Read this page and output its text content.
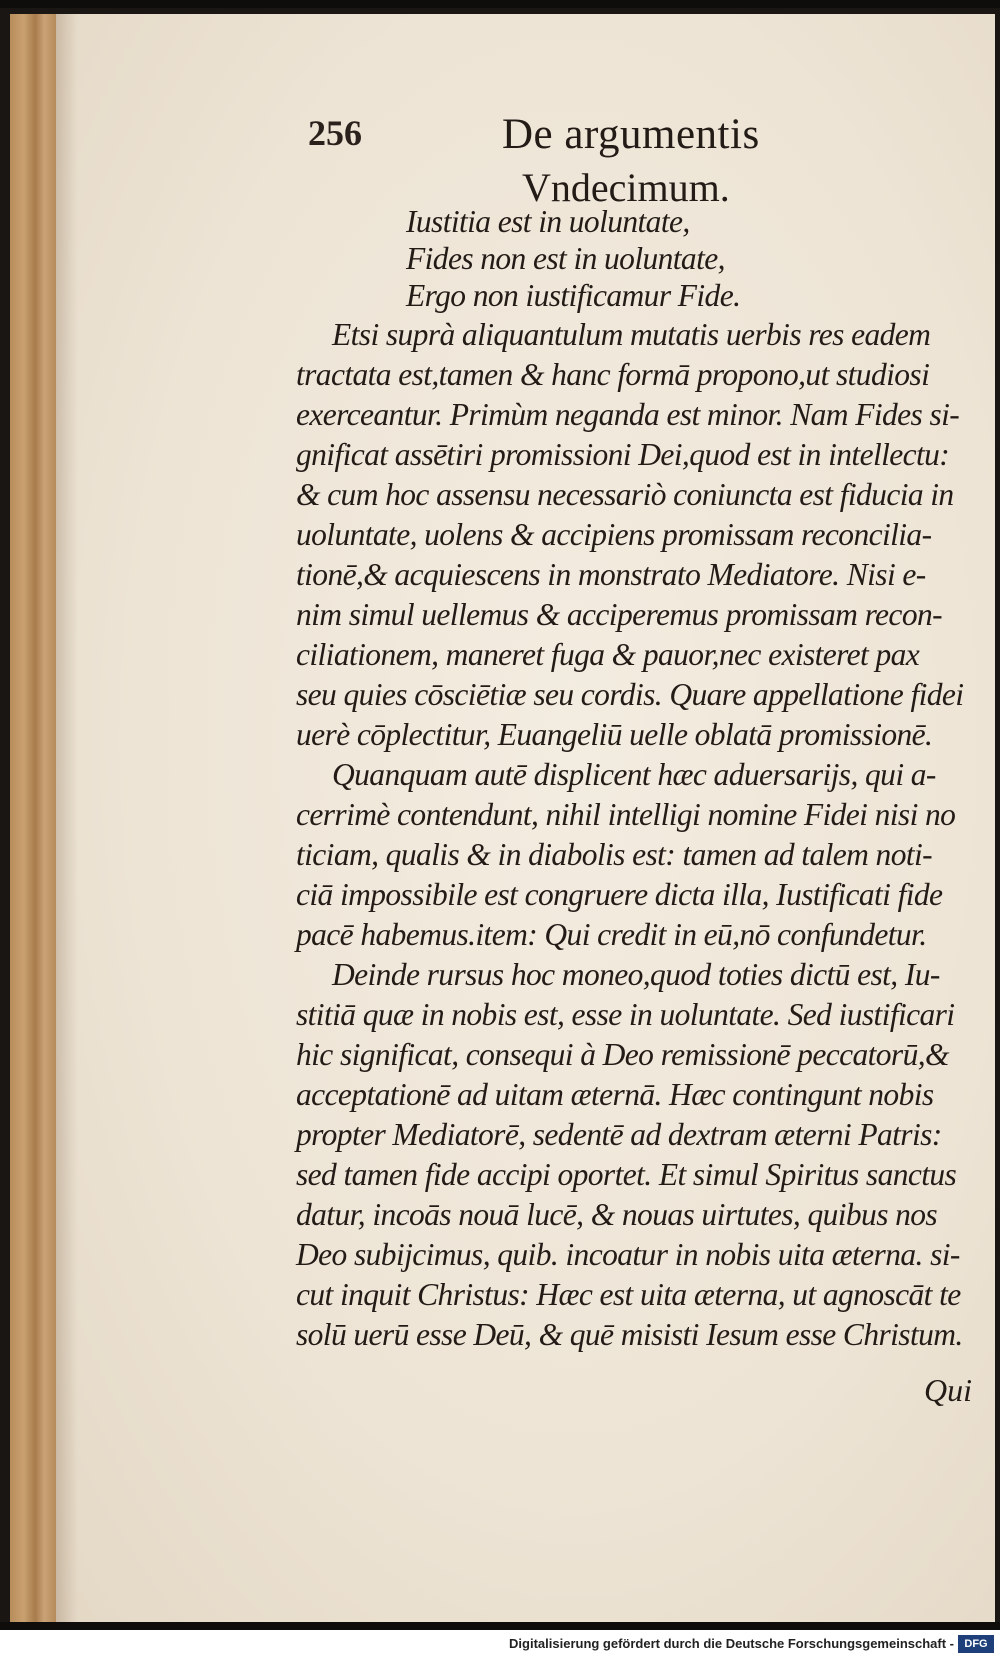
256	De argumentis
Vndecimum.
Iustitia est in uoluntate,
Fides non est in uoluntate,
Ergo non iustificamur Fide.
Etsi suprà aliquantulum mutatis uerbis res eadem
tractata est,tamen & hanc formā propono,ut studiosi
exerceantur. Primùm neganda est minor. Nam Fides si-
gnificat assētiri promissioni Dei,quod est in intellectu:
& cum hoc assensu necessariò coniuncta est fiducia in
uoluntate, uolens & accipiens promissam reconcilia-
tionē,& acquiescens in monstrato Mediatore. Nisi e-
nim simul uellemus & acciperemus promissam recon-
ciliationem, maneret fuga & pauor,nec existeret pax
seu quies cōsciētiæ seu cordis. Quare appellatione fidei
uerè cōplectitur, Euangeliū uelle oblatā promissionē.
Quanquam autē displicent hæc aduersarijs, qui a-
cerrimè contendunt, nihil intelligi nomine Fidei nisi no
ticiam, qualis & in diabolis est: tamen ad talem noti-
ciā impossibile est congruere dicta illa, Iustificati fide
pacē habemus.item: Qui credit in eū,nō confundetur.
Deinde rursus hoc moneo,quod toties dictū est, Iu-
stitiā quæ in nobis est, esse in uoluntate. Sed iustificari
hic significat, consequi à Deo remissionē peccatorū,&
acceptationē ad uitam æternā. Hæc contingunt nobis
propter Mediatorē, sedentē ad dextram æterni Patris:
sed tamen fide accipi oportet. Et simul Spiritus sanctus
datur, incoās nouā lucē, & nouas uirtutes, quibus nos
Deo subijcimus, quib. incoatur in nobis uita æterna. si-
cut inquit Christus: Hæc est uita æterna, ut agnoscāt te
solū uerū esse Deū, & quē misisti Iesum esse Christum.
Qui
Digitalisierung gefördert durch die Deutsche Forschungsgemeinschaft - DFG
